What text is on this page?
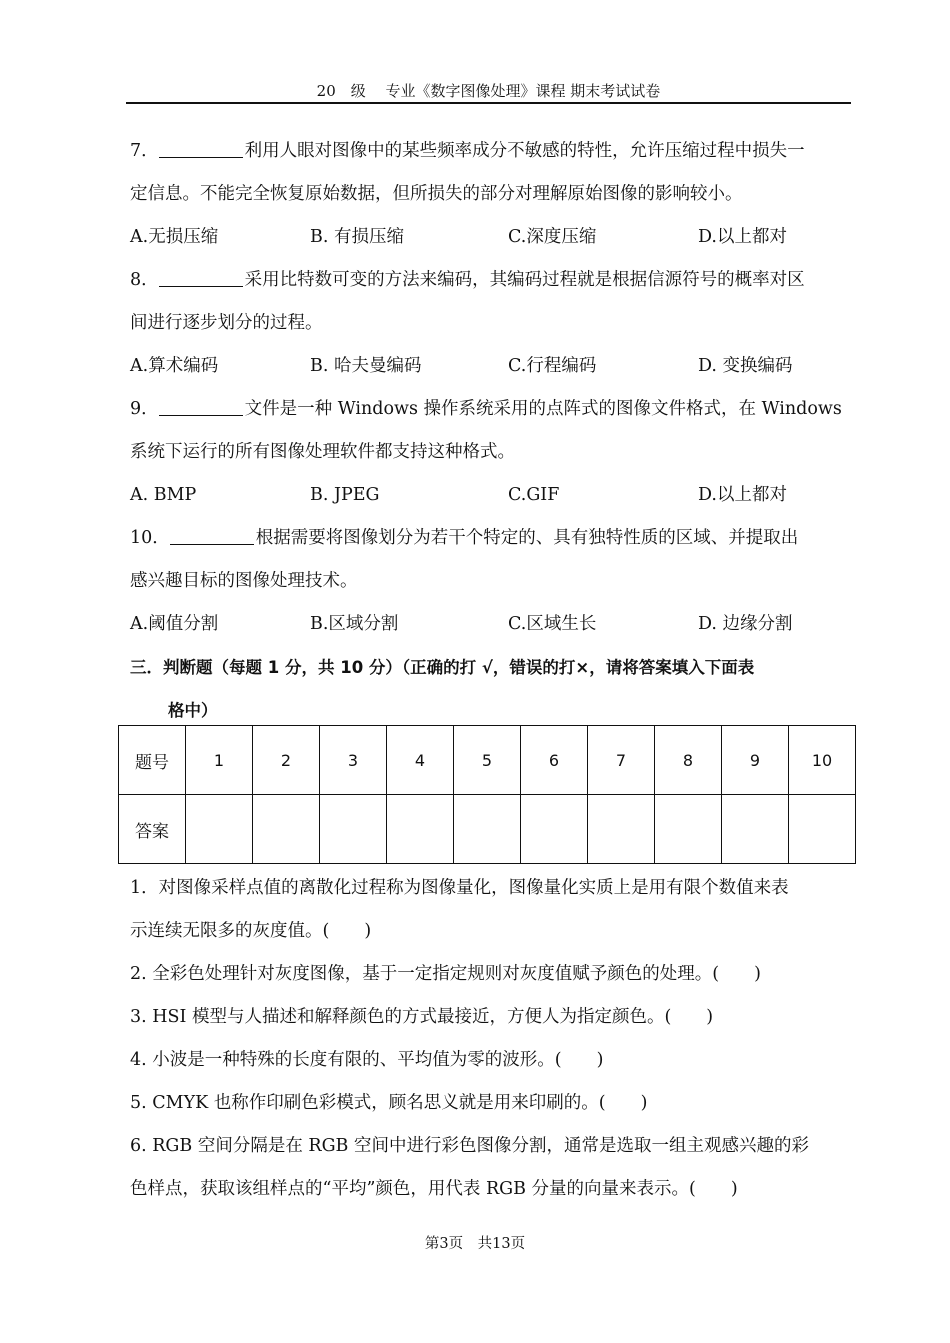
20　级　 专业《数字图像处理》课程 期末考试试卷
7．	利用人眼对图像中的某些频率成分不敏感的特性，允许压缩过程中损失一
定信息。不能完全恢复原始数据，但所损失的部分对理解原始图像的影响较小。
A.无损压缩	B. 有损压缩	C.深度压缩	D.以上都对
8．	采用比特数可变的方法来编码，其编码过程就是根据信源符号的概率对区
间进行逐步划分的过程。
A.算术编码	B. 哈夫曼编码	C.行程编码	D. 变换编码
9．	文件是一种 Windows 操作系统采用的点阵式的图像文件格式，在 Windows
系统下运行的所有图像处理软件都支持这种格式。
A. BMP	B. JPEG	C.GIF	D.以上都对
10．	根据需要将图像划分为若干个特定的、具有独特性质的区域、并提取出
感兴趣目标的图像处理技术。
A.阈值分割	B.区域分割	C.区域生长	D. 边缘分割
三．判断题（每题 1 分，共 10 分）（正确的打 √，错误的打×，请将答案填入下面表
格中）
题号	1	2	3	4	5	6	7	8	9	10
答案										
1．对图像采样点值的离散化过程称为图像量化，图像量化实质上是用有限个数值来表
示连续无限多的灰度值。(　　)
2. 全彩色处理针对灰度图像，基于一定指定规则对灰度值赋予颜色的处理。(　　)
3. HSI 模型与人描述和解释颜色的方式最接近，方便人为指定颜色。(　　)
4. 小波是一种特殊的长度有限的、平均值为零的波形。(　　)
5. CMYK 也称作印刷色彩模式，顾名思义就是用来印刷的。(　　)
6. RGB 空间分隔是在 RGB 空间中进行彩色图像分割，通常是选取一组主观感兴趣的彩
色样点，获取该组样点的“平均”颜色，用代表 RGB 分量的向量来表示。(　　)
第3页　共13页
